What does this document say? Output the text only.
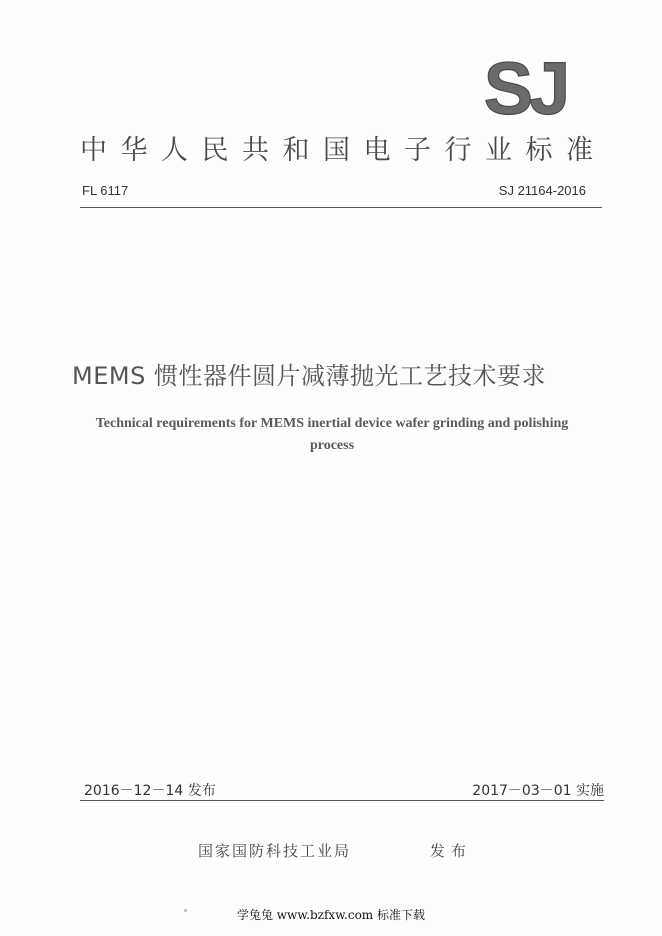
SJ
中华人民共和国电子行业标准
FL 6117	SJ 21164-2016
MEMS 惯性器件圆片减薄抛光工艺技术要求
Technical requirements for MEMS inertial device wafer grinding and polishing
process
2016－12－14 发布	2017－03－01 实施
国家国防科技工业局	发布
学兔兔 www.bzfxw.com 标准下载
